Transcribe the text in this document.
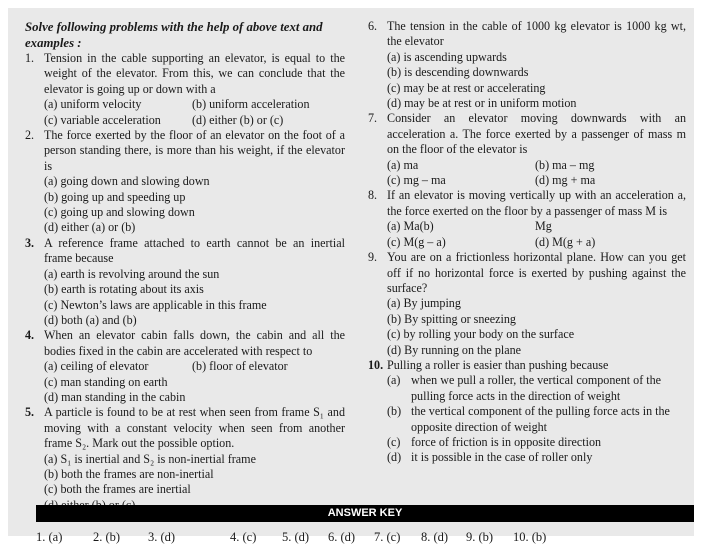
Solve following problems with the help of above text and examples :
1. Tension in the cable supporting an elevator, is equal to the weight of the elevator. From this, we can conclude that the elevator is going up or down with a
(a) uniform velocity	(b) uniform acceleration
(c) variable acceleration	(d) either (b) or (c)
2. The force exerted by the floor of an elevator on the foot of a person standing there, is more than his weight, if the elevator is
(a) going down and slowing down
(b) going up and speeding up
(c) going up and slowing down
(d) either (a) or (b)
3. A reference frame attached to earth cannot be an inertial frame because
(a) earth is revolving around the sun
(b) earth is rotating about its axis
(c) Newton’s laws are applicable in this frame
(d) both (a) and (b)
4. When an elevator cabin falls down, the cabin and all the bodies fixed in the cabin are accelerated with respect to
(a) ceiling of elevator	(b) floor of elevator
(c) man standing on earth
(d) man standing in the cabin
5. A particle is found to be at rest when seen from frame S₁ and moving with a constant velocity when seen from another frame S₂. Mark out the possible option.
(a) S₁ is inertial and S₂ is non-inertial frame
(b) both the frames are non-inertial
(c) both the frames are inertial
6. The tension in the cable of 1000 kg elevator is 1000 kg wt, the elevator
(a) is ascending upwards
(b) is descending downwards
(c) may be at rest or accelerating
(d) may be at rest or in uniform motion
7. Consider an elevator moving downwards with an acceleration a. The force exerted by a passenger of mass m on the floor of the elevator is
(a) ma	(b) ma – mg
(c) mg – ma	(d) mg + ma
8. If an elevator is moving vertically up with an acceleration a, the force exerted on the floor by a passenger of mass M is
(a) Ma(b)	Mg
(c) M(g – a)	(d) M(g + a)
9. You are on a frictionless horizontal plane. How can you get off if no horizontal force is exerted by pushing against the surface?
(a) By jumping
(b) By spitting or sneezing
(c) by rolling your body on the surface
(d) By running on the plane
10. Pulling a roller is easier than pushing because
(a) when we pull a roller, the vertical component of the pulling force acts in the direction of weight
(b) the vertical component of the pulling force acts in the opposite direction of weight
(c) force of friction is in opposite direction
(d) it is possible in the case of roller only
ANSWER KEY
1. (a) 2. (b) 3. (d)	4. (c) 5. (d) 6. (d) 7. (c) 8. (d) 9. (b) 10. (b)
